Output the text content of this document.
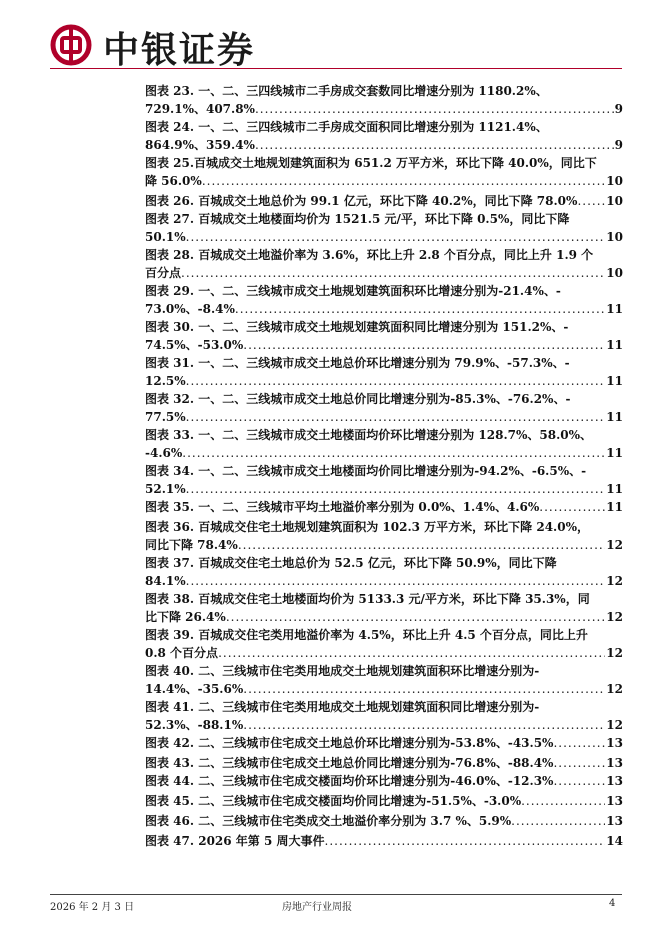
中银证券
图表 23. 一、二、三四线城市二手房成交套数同比增速分别为 1180.2%、
729.1%、407.8% .....	9
图表 24. 一、二、三四线城市二手房成交面积同比增速分别为 1121.4%、
864.9%、359.4% .....	9
图表 25.百城成交土地规划建筑面积为 651.2 万平方米，环比下降 40.0%，同比下
降 56.0% .....	10
图表 26. 百城成交土地总价为 99.1 亿元，环比下降 40.2%，同比下降 78.0% ..... 10
图表 27. 百城成交土地楼面均价为 1521.5 元/平，环比下降 0.5%，同比下降
50.1% .....	10
图表 28. 百城成交土地溢价率为 3.6%，环比上升 2.8 个百分点，同比上升 1.9 个
百分点 .....	10
图表 29. 一、二、三线城市成交土地规划建筑面积环比增速分别为-21.4%、-
73.0%、-8.4% .....	11
图表 30. 一、二、三线城市成交土地规划建筑面积同比增速分别为 151.2%、-
74.5%、-53.0% .....	11
图表 31. 一、二、三线城市成交土地总价环比增速分别为 79.9%、-57.3%、-
12.5% .....	11
图表 32. 一、二、三线城市成交土地总价同比增速分别为-85.3%、-76.2%、-
77.5% .....	11
图表 33. 一、二、三线城市成交土地楼面均价环比增速分别为 128.7%、58.0%、
-4.6% .....	11
图表 34. 一、二、三线城市成交土地楼面均价同比增速分别为-94.2%、-6.5%、-
52.1% .....	11
图表 35. 一、二、三线城市平均土地溢价率分别为 0.0%、1.4%、4.6% .....	11
图表 36. 百城成交住宅土地规划建筑面积为 102.3 万平方米，环比下降 24.0%，
同比下降 78.4% .....	12
图表 37. 百城成交住宅土地总价为 52.5 亿元，环比下降 50.9%，同比下降
84.1% .....	12
图表 38. 百城成交住宅土地楼面均价为 5133.3 元/平方米，环比下降 35.3%，同
比下降 26.4% .....	12
图表 39. 百城成交住宅类用地溢价率为 4.5%，环比上升 4.5 个百分点，同比上升
0.8 个百分点 .....	12
图表 40. 二、三线城市住宅类用地成交土地规划建筑面积环比增速分别为-
14.4%、-35.6% .....	12
图表 41. 二、三线城市住宅类用地成交土地规划建筑面积同比增速分别为-
52.3%、-88.1% .....	12
图表 42. 二、三线城市住宅成交土地总价环比增速分别为-53.8%、-43.5% .....	13
图表 43. 二、三线城市住宅成交土地总价同比增速分别为-76.8%、-88.4% .....	13
图表 44. 二、三线城市住宅成交楼面均价环比增速分别为-46.0%、-12.3% .....	13
图表 45. 二、三线城市住宅成交楼面均价同比增速为-51.5%、-3.0% .....	13
图表 46. 二、三线城市住宅类成交土地溢价率分别为 3.7 %、5.9% .....	13
图表 47. 2026 年第 5 周大事件 .....	14
2026 年 2 月 3 日	房地产行业周报	4
